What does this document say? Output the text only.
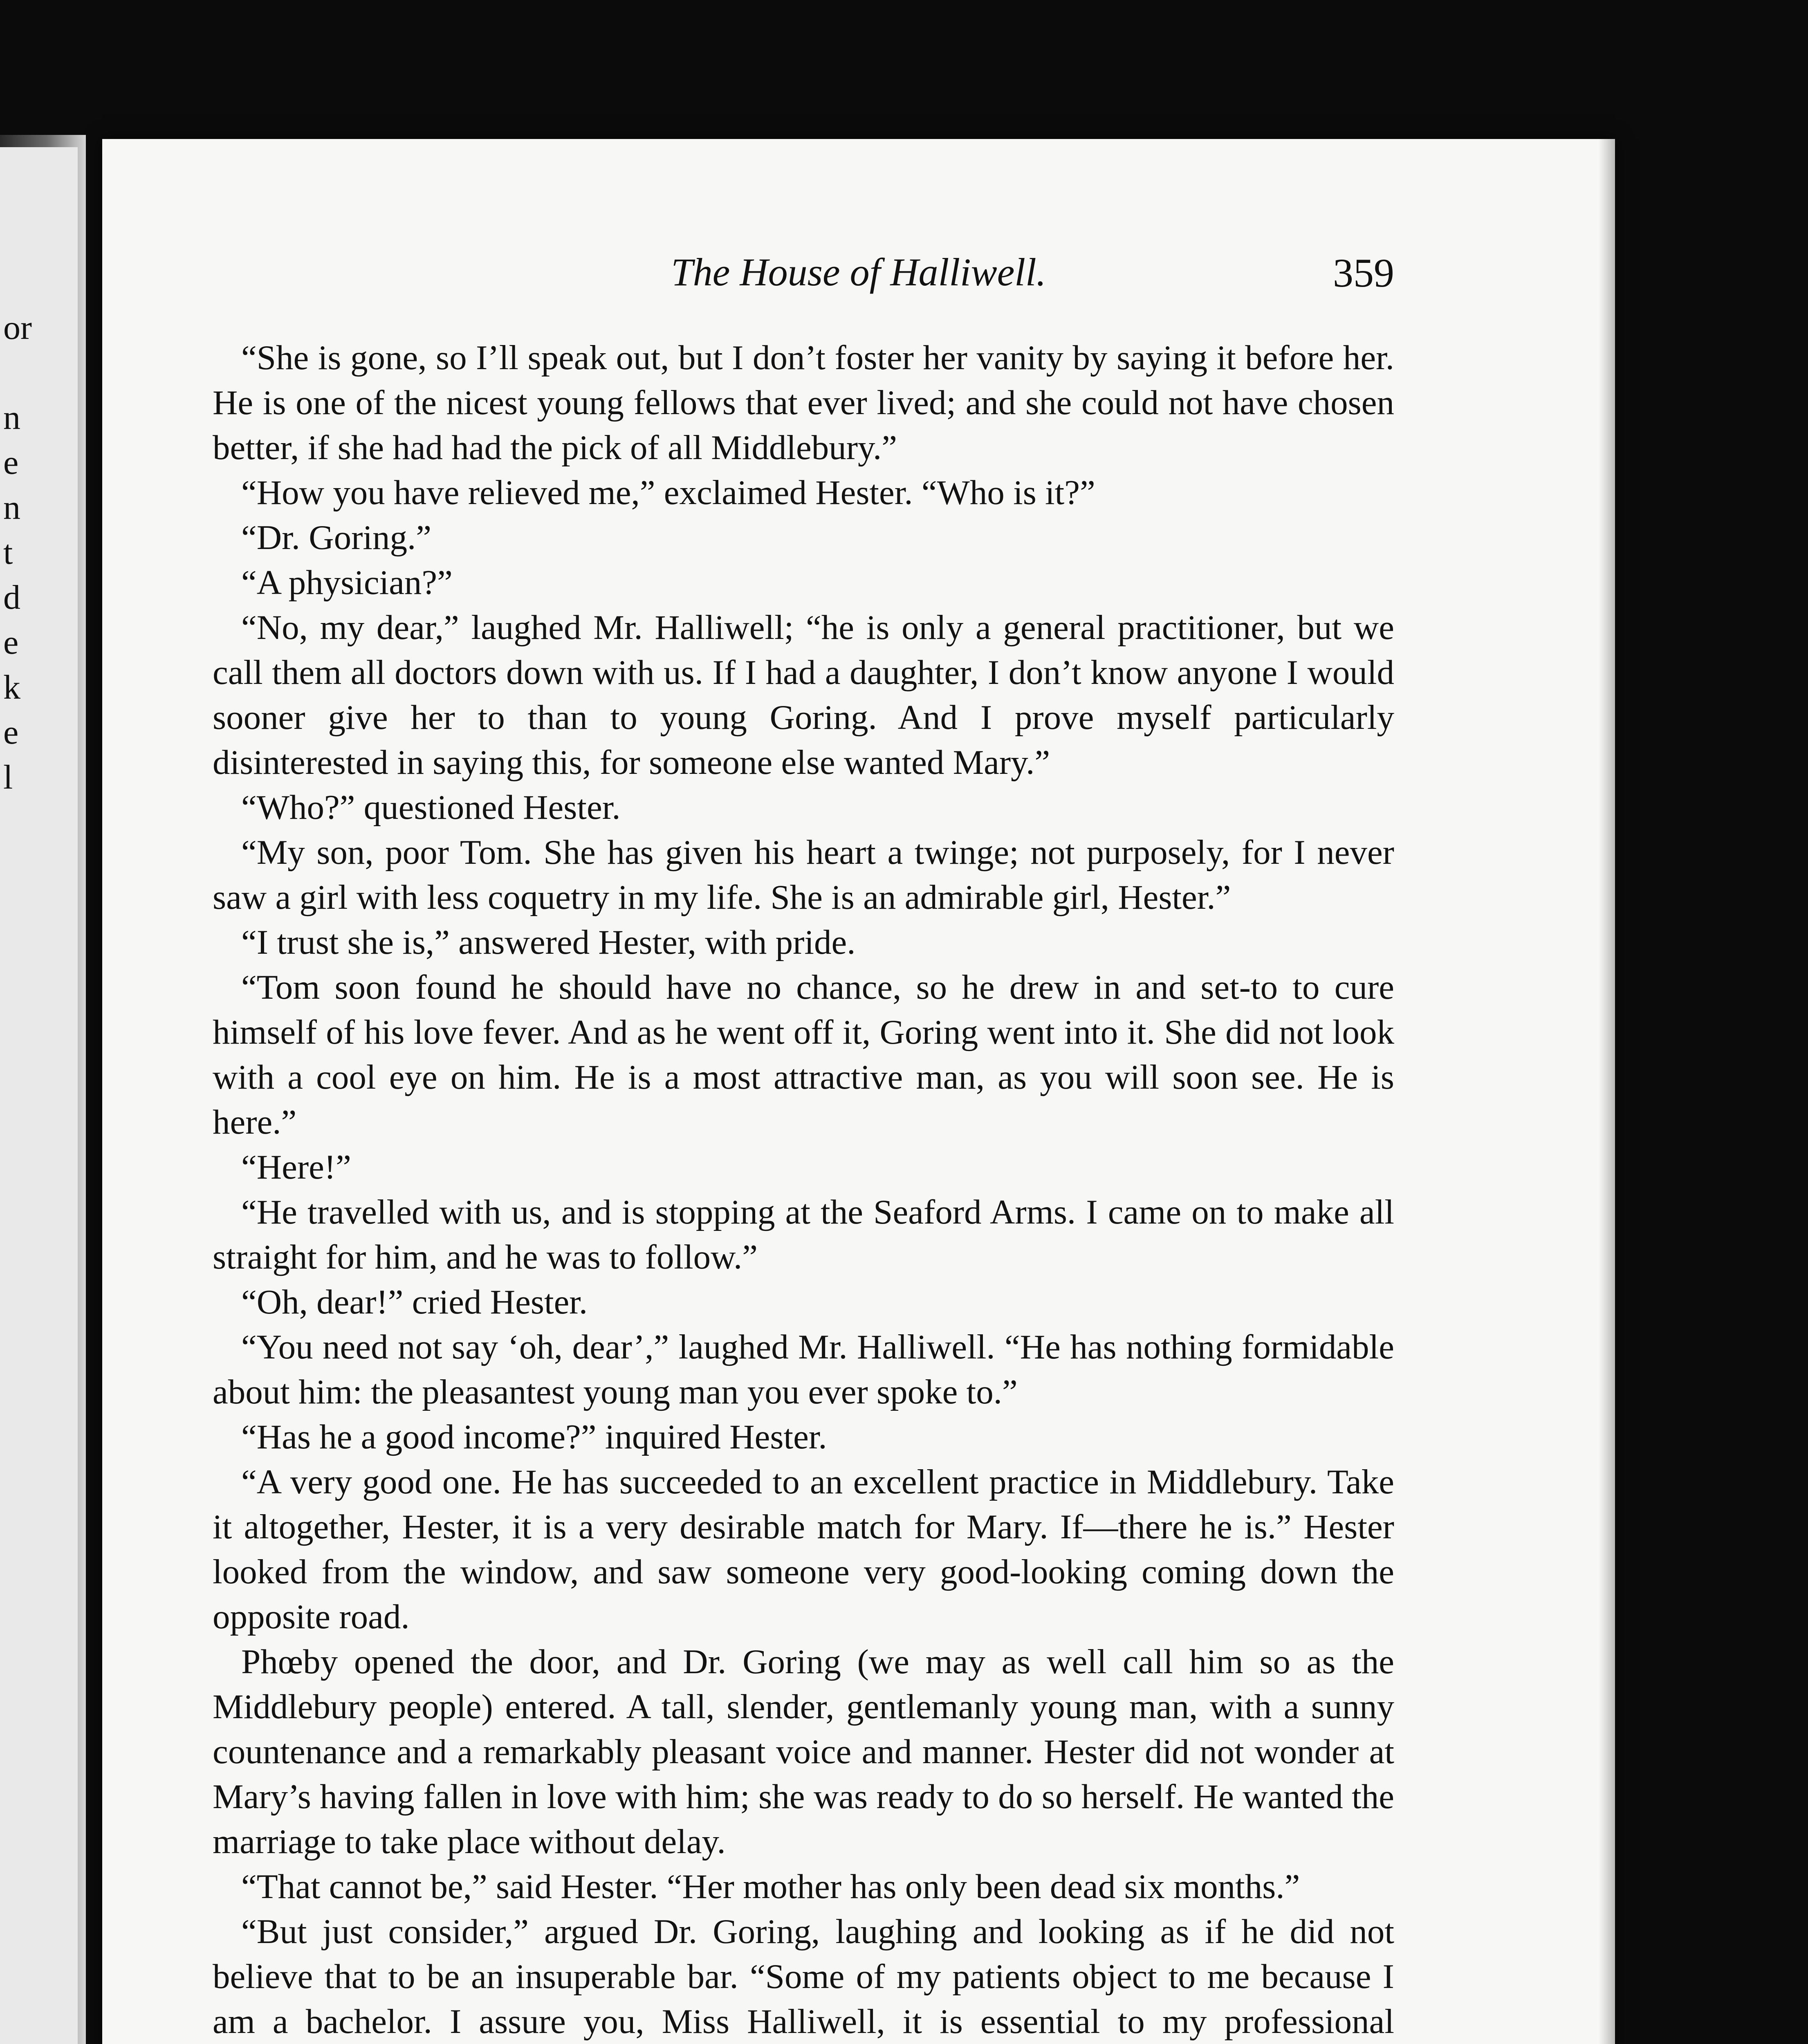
or
n
e
n
t
d
e
k
e
l
The House of Halliwell.	359

“She is gone, so I’ll speak out, but I don’t foster her vanity by saying it before her. He is one of the nicest young fellows that ever lived; and she could not have chosen better, if she had had the pick of all Middlebury.”

“How you have relieved me,” exclaimed Hester. “Who is it?”

“Dr. Goring.”

“A physician?”

“No, my dear,” laughed Mr. Halliwell; “he is only a general practitioner, but we call them all doctors down with us. If I had a daughter, I don’t know anyone I would sooner give her to than to young Goring. And I prove myself particularly disinterested in saying this, for someone else wanted Mary.”

“Who?” questioned Hester.

“My son, poor Tom. She has given his heart a twinge; not purposely, for I never saw a girl with less coquetry in my life. She is an admirable girl, Hester.”

“I trust she is,” answered Hester, with pride.

“Tom soon found he should have no chance, so he drew in and set-to to cure himself of his love fever. And as he went off it, Goring went into it. She did not look with a cool eye on him. He is a most attractive man, as you will soon see. He is here.”

“Here!”

“He travelled with us, and is stopping at the Seaford Arms. I came on to make all straight for him, and he was to follow.”

“Oh, dear!” cried Hester.

“You need not say ‘oh, dear’,” laughed Mr. Halliwell. “He has nothing formidable about him: the pleasantest young man you ever spoke to.”

“Has he a good income?” inquired Hester.

“A very good one. He has succeeded to an excellent practice in Middlebury. Take it altogether, Hester, it is a very desirable match for Mary. If—there he is.” Hester looked from the window, and saw someone very good-looking coming down the opposite road.

Phœby opened the door, and Dr. Goring (we may as well call him so as the Middlebury people) entered. A tall, slender, gentlemanly young man, with a sunny countenance and a remarkably pleasant voice and manner. Hester did not wonder at Mary’s having fallen in love with him; she was ready to do so herself. He wanted the marriage to take place without delay.

“That cannot be,” said Hester. “Her mother has only been dead six months.”

“But just consider,” argued Dr. Goring, laughing and looking as if he did not believe that to be an insuperable bar. “Some of my patients object to me because I am a bachelor. I assure you, Miss Halliwell, it is essential to my professional
